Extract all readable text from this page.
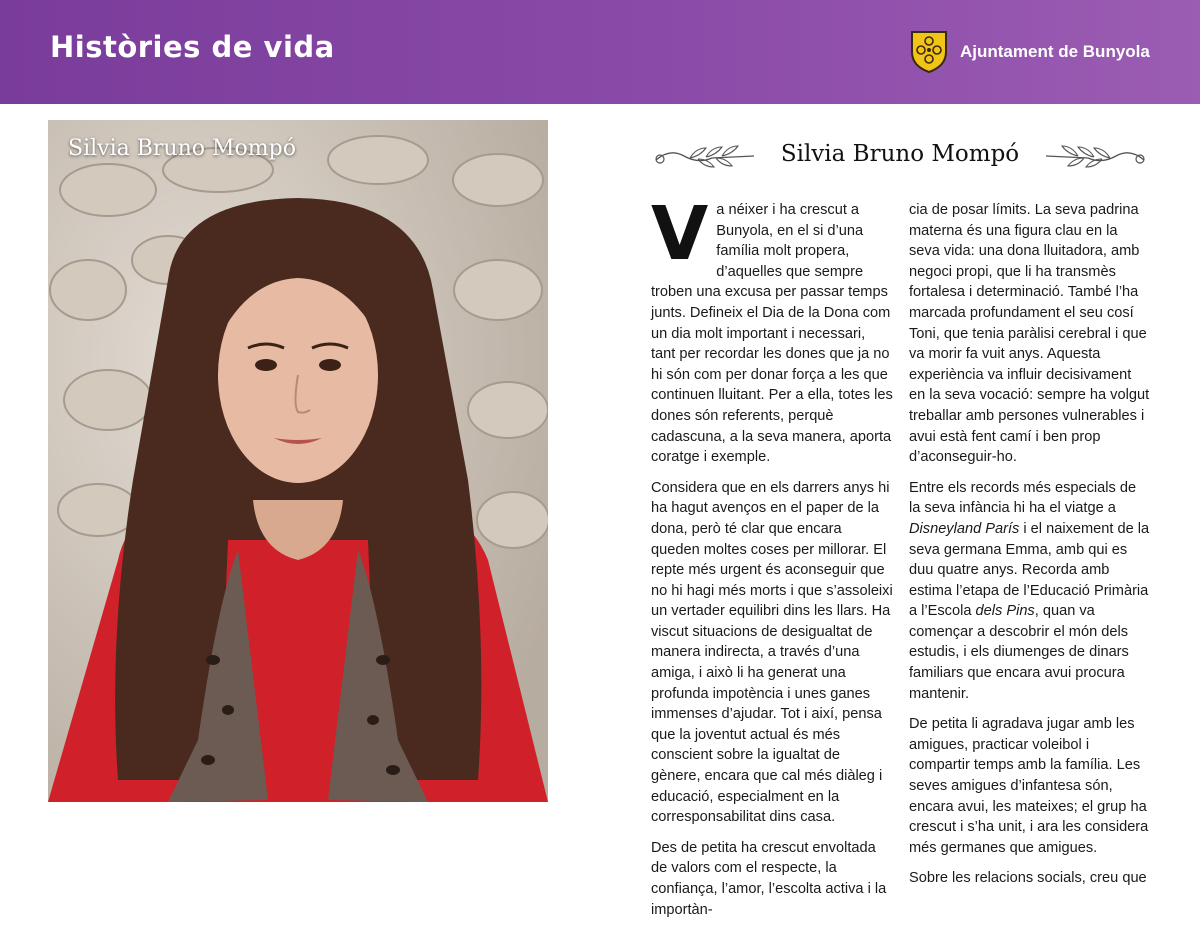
Històries de vida	Ajuntament de Bunyola
Silvia Bruno Mompó	Silvia Bruno Mompó

Va néixer i ha crescut a Bunyola, en el si d’una família molt propera, d’aquelles que sempre troben una excusa per passar temps junts. Defineix el Dia de la Dona com un dia molt important i necessari, tant per recordar les dones que ja no hi són com per donar força a les que continuen lluitant. Per a ella, totes les dones són referents, perquè cadascuna, a la seva manera, aporta coratge i exemple.

Considera que en els darrers anys hi ha hagut avenços en el paper de la dona, però té clar que encara queden moltes coses per millorar. El repte més urgent és aconseguir que no hi hagi més morts i que s’assoleixi un vertader equilibri dins les llars. Ha viscut situacions de desigualtat de manera indirecta, a través d’una amiga, i això li ha generat una profunda impotència i unes ganes immenses d’ajudar. Tot i així, pensa que la joventut actual és més conscient sobre la igualtat de gènere, encara que cal més diàleg i educació, especialment en la corresponsabilitat dins casa.

Des de petita ha crescut envoltada de valors com el respecte, la confiança, l’amor, l’escolta activa i la importàn-

cia de posar límits. La seva padrina materna és una figura clau en la seva vida: una dona lluitadora, amb negoci propi, que li ha transmès fortalesa i determinació. També l’ha marcada profundament el seu cosí Toni, que tenia paràlisi cerebral i que va morir fa vuit anys. Aquesta experiència va influir decisivament en la seva vocació: sempre ha volgut treballar amb persones vulnerables i avui està fent camí i ben prop d’aconseguir-ho.

Entre els records més especials de la seva infància hi ha el viatge a Disneyland París i el naixement de la seva germana Emma, amb qui es duu quatre anys. Recorda amb estima l’etapa de l’Educació Primària a l’Escola dels Pins, quan va començar a descobrir el món dels estudis, i els diumenges de dinars familiars que encara avui procura mantenir.

De petita li agradava jugar amb les amigues, practicar voleibol i compartir temps amb la família. Les seves amigues d’infantesa són, encara avui, les mateixes; el grup ha crescut i s’ha unit, i ara les considera més germanes que amigues.

Sobre les relacions socials, creu que
